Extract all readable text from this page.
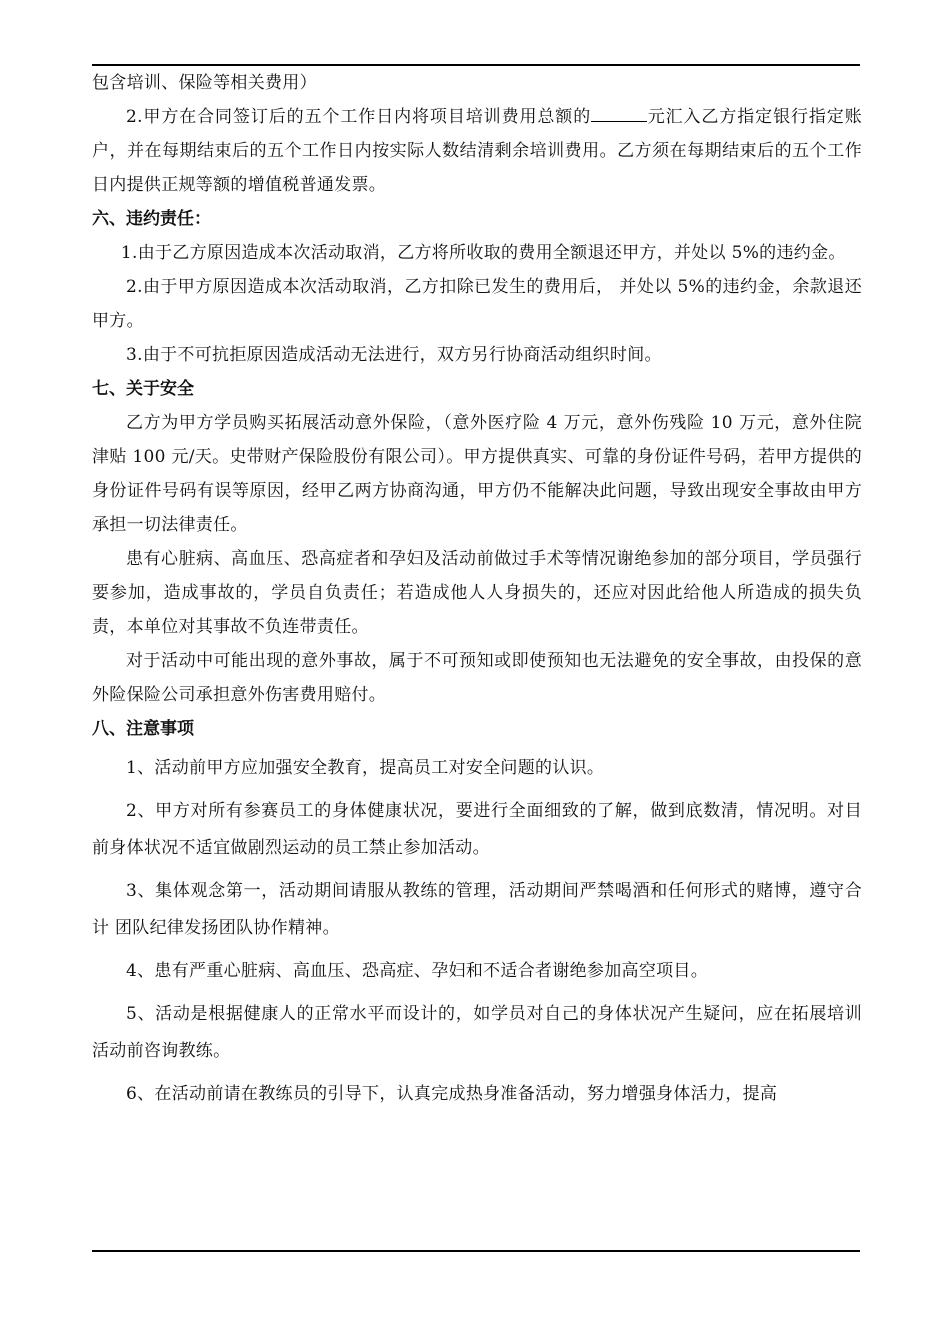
包含培训、保险等相关费用）

2.甲方在合同签订后的五个工作日内将项目培训费用总额的	元汇入乙方指定银行指定账户，并在每期结束后的五个工作日内按实际人数结清剩余培训费用。乙方须在每期结束后的五个工作日内提供正规等额的增值税普通发票。

六、违约责任：

1.由于乙方原因造成本次活动取消，乙方将所收取的费用全额退还甲方，并处以 5%的违约金。

2.由于甲方原因造成本次活动取消，乙方扣除已发生的费用后， 并处以 5%的违约金，余款退还甲方。

3.由于不可抗拒原因造成活动无法进行，双方另行协商活动组织时间。

七、关于安全

乙方为甲方学员购买拓展活动意外保险，（意外医疗险 4 万元，意外伤残险 10 万元，意外住院津贴 100 元/天。史带财产保险股份有限公司）。甲方提供真实、可靠的身份证件号码，若甲方提供的身份证件号码有误等原因，经甲乙两方协商沟通，甲方仍不能解决此问题，导致出现安全事故由甲方承担一切法律责任。

患有心脏病、高血压、恐高症者和孕妇及活动前做过手术等情况谢绝参加的部分项目，学员强行要参加，造成事故的，学员自负责任；若造成他人人身损失的，还应对因此给他人所造成的损失负责，本单位对其事故不负连带责任。

对于活动中可能出现的意外事故，属于不可预知或即使预知也无法避免的安全事故，由投保的意外险保险公司承担意外伤害费用赔付。

八、注意事项

1、活动前甲方应加强安全教育，提高员工对安全问题的认识。

2、甲方对所有参赛员工的身体健康状况，要进行全面细致的了解，做到底数清，情况明。对目前身体状况不适宜做剧烈运动的员工禁止参加活动。

3、集体观念第一，活动期间请服从教练的管理，活动期间严禁喝酒和任何形式的赌博，遵守合计 团队纪律发扬团队协作精神。

4、患有严重心脏病、高血压、恐高症、孕妇和不适合者谢绝参加高空项目。

5、活动是根据健康人的正常水平而设计的，如学员对自己的身体状况产生疑问，应在拓展培训活动前咨询教练。

6、在活动前请在教练员的引导下，认真完成热身准备活动，努力增强身体活力，提高
